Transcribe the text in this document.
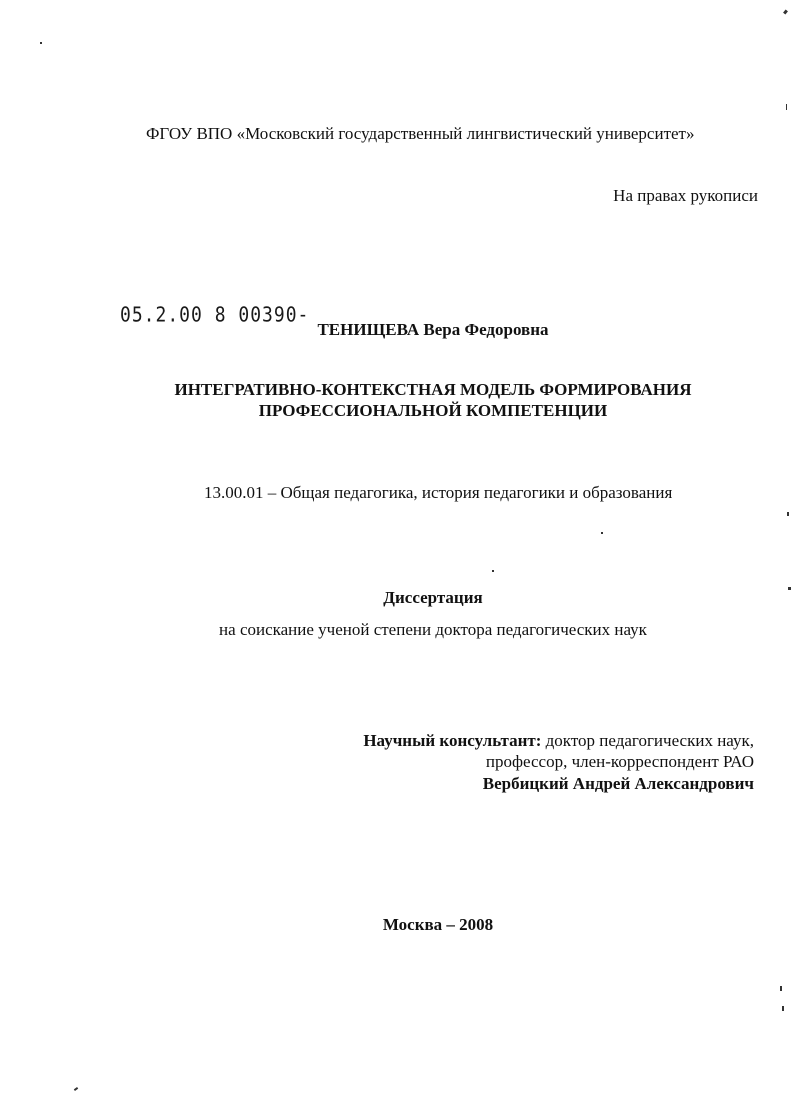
ФГОУ ВПО «Московский государственный лингвистический университет»
На правах рукописи
05.2.00 8 00390-
ТЕНИЩЕВА Вера Федоровна
ИНТЕГРАТИВНО-КОНТЕКСТНАЯ МОДЕЛЬ ФОРМИРОВАНИЯ
ПРОФЕССИОНАЛЬНОЙ КОМПЕТЕНЦИИ
13.00.01 – Общая педагогика, история педагогики и образования
Диссертация
на соискание ученой степени доктора педагогических наук
Научный консультант: доктор педагогических наук,
профессор, член-корреспондент РАО
Вербицкий Андрей Александрович
Москва – 2008
